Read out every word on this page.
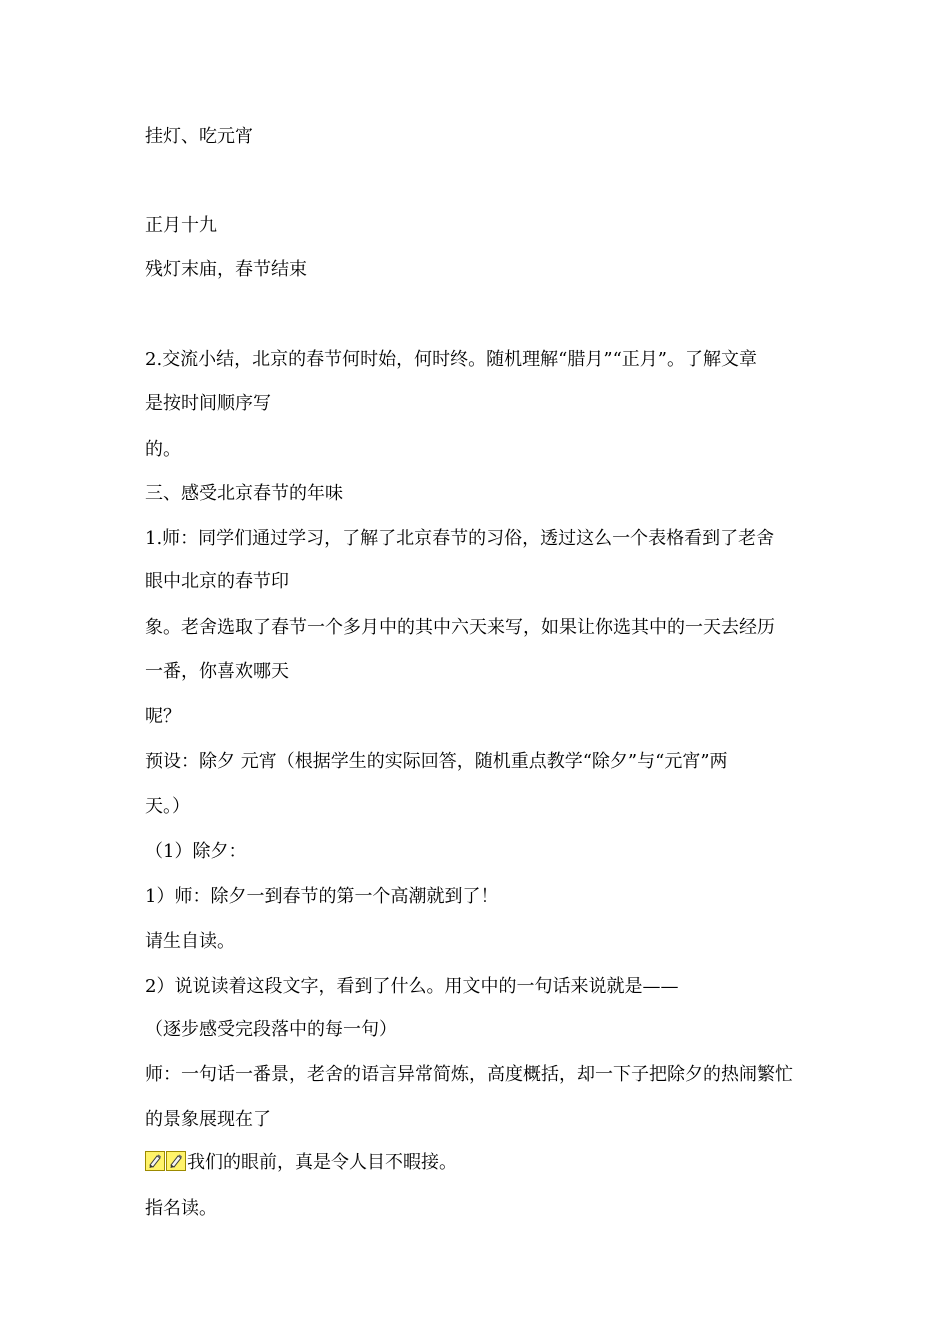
挂灯、吃元宵
正月十九
残灯末庙，春节结束
2.交流小结，北京的春节何时始，何时终。随机理解“腊月”“正月”。了解文章
是按时间顺序写
的。
三、感受北京春节的年味
1.师：同学们通过学习，了解了北京春节的习俗，透过这么一个表格看到了老舍
眼中北京的春节印
象。老舍选取了春节一个多月中的其中六天来写，如果让你选其中的一天去经历
一番，你喜欢哪天
呢？
预设：除夕 元宵（根据学生的实际回答，随机重点教学“除夕”与“元宵”两
天。）
（1）除夕：
1）师：除夕一到春节的第一个高潮就到了！
请生自读。
2）说说读着这段文字，看到了什么。用文中的一句话来说就是——
（逐步感受完段落中的每一句）
师：一句话一番景，老舍的语言异常简炼，高度概括，却一下子把除夕的热闹繁忙
的景象展现在了
我们的眼前，真是令人目不暇接。
指名读。
